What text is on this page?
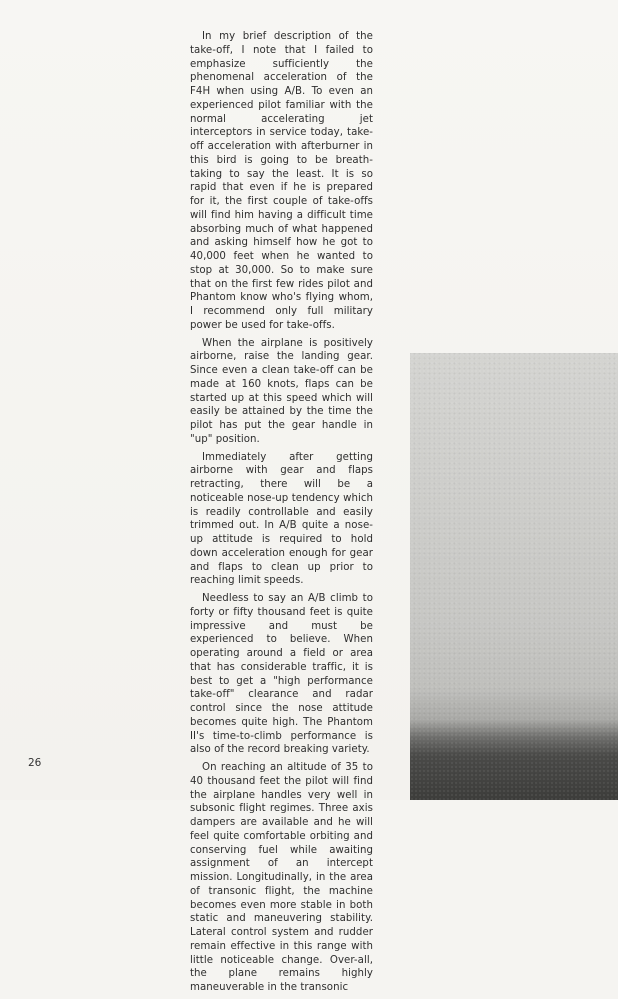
In my brief description of the take-off, I note that I failed to emphasize sufficiently the phenomenal acceleration of the F4H when using A/B. To even an experienced pilot familiar with the normal accelerating jet interceptors in service today, take-off acceleration with afterburner in this bird is going to be breath-taking to say the least. It is so rapid that even if he is prepared for it, the first couple of take-offs will find him having a difficult time absorbing much of what happened and asking himself how he got to 40,000 feet when he wanted to stop at 30,000. So to make sure that on the first few rides pilot and Phantom know who's flying whom, I recommend only full military power be used for take-offs.

When the airplane is positively airborne, raise the landing gear. Since even a clean take-off can be made at 160 knots, flaps can be started up at this speed which will easily be attained by the time the pilot has put the gear handle in "up" position.

Immediately after getting airborne with gear and flaps retracting, there will be a noticeable nose-up tendency which is readily controllable and easily trimmed out. In A/B quite a nose-up attitude is required to hold down acceleration enough for gear and flaps to clean up prior to reaching limit speeds.

Needless to say an A/B climb to forty or fifty thousand feet is quite impressive and must be experienced to believe. When operating around a field or area that has considerable traffic, it is best to get a "high performance take-off" clearance and radar control since the nose attitude becomes quite high. The Phantom II's time-to-climb performance is also of the record breaking variety.

On reaching an altitude of 35 to 40 thousand feet the pilot will find the airplane handles very well in subsonic flight regimes. Three axis dampers are available and he will feel quite comfortable orbiting and conserving fuel while awaiting assignment of an intercept mission. Longitudinally, in the area of transonic flight, the machine becomes even more stable in both static and maneuvering stability. Lateral control system and rudder remain effective in this range with little noticeable change. Over-all, the plane remains highly maneuverable in the transonic

26
